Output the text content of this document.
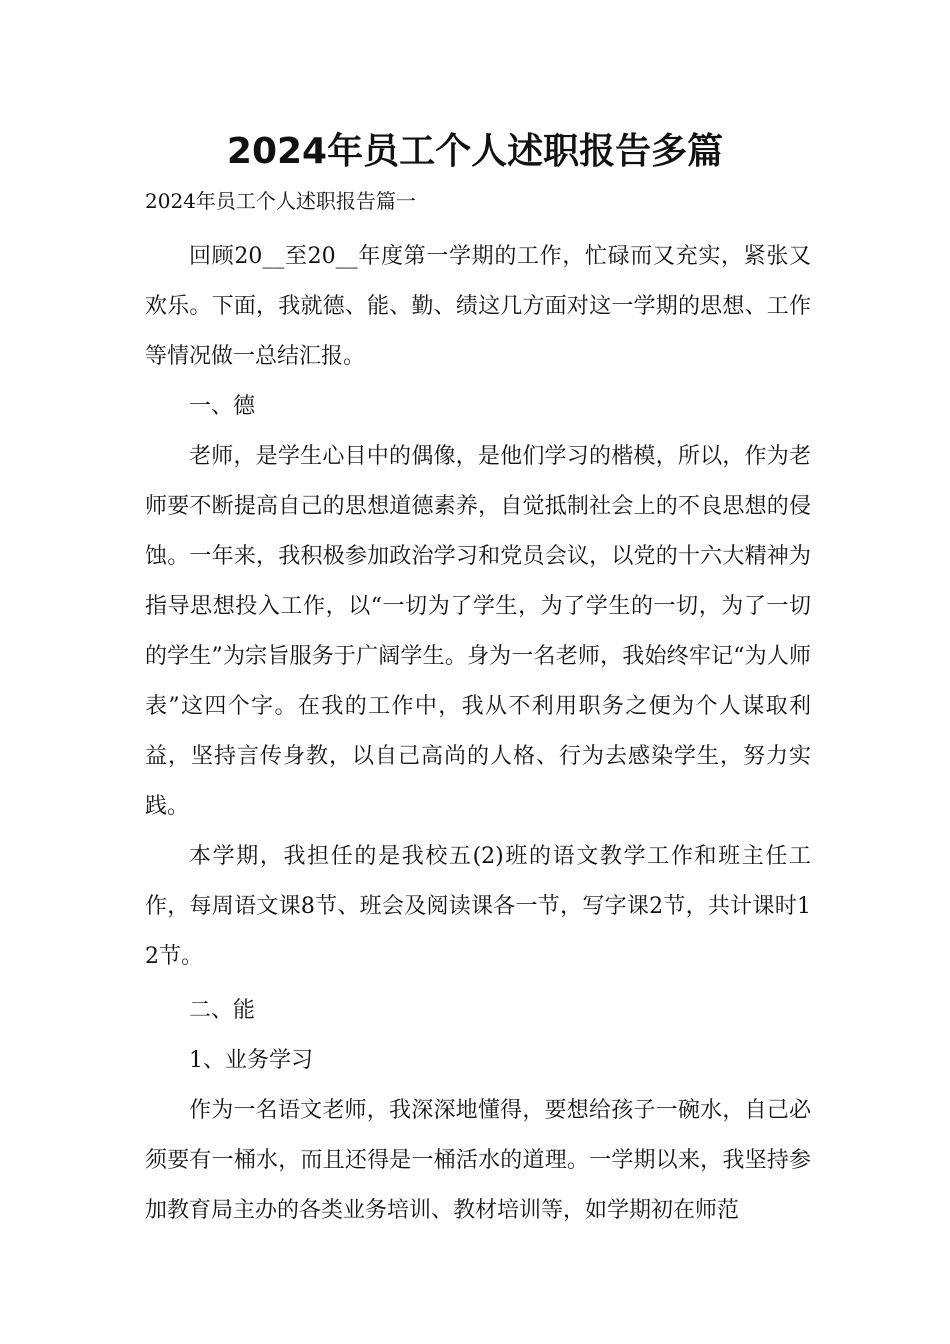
2024年员工个人述职报告多篇
2024年员工个人述职报告篇一

回顾20__至20__年度第一学期的工作，忙碌而又充实，紧张又欢乐。下面，我就德、能、勤、绩这几方面对这一学期的思想、工作等情况做一总结汇报。

一、德

老师，是学生心目中的偶像，是他们学习的楷模，所以，作为老师要不断提高自己的思想道德素养，自觉抵制社会上的不良思想的侵蚀。一年来，我积极参加政治学习和党员会议，以党的十六大精神为指导思想投入工作，以“一切为了学生，为了学生的一切，为了一切的学生”为宗旨服务于广阔学生。身为一名老师，我始终牢记“为人师表”这四个字。在我的工作中，我从不利用职务之便为个人谋取利益，坚持言传身教，以自己高尚的人格、行为去感染学生，努力实践。

本学期，我担任的是我校五(2)班的语文教学工作和班主任工作，每周语文课8节、班会及阅读课各一节，写字课2节，共计课时12节。

二、能

1、业务学习

作为一名语文老师，我深深地懂得，要想给孩子一碗水，自己必须要有一桶水，而且还得是一桶活水的道理。一学期以来，我坚持参加教育局主办的各类业务培训、教材培训等，如学期初在师范
